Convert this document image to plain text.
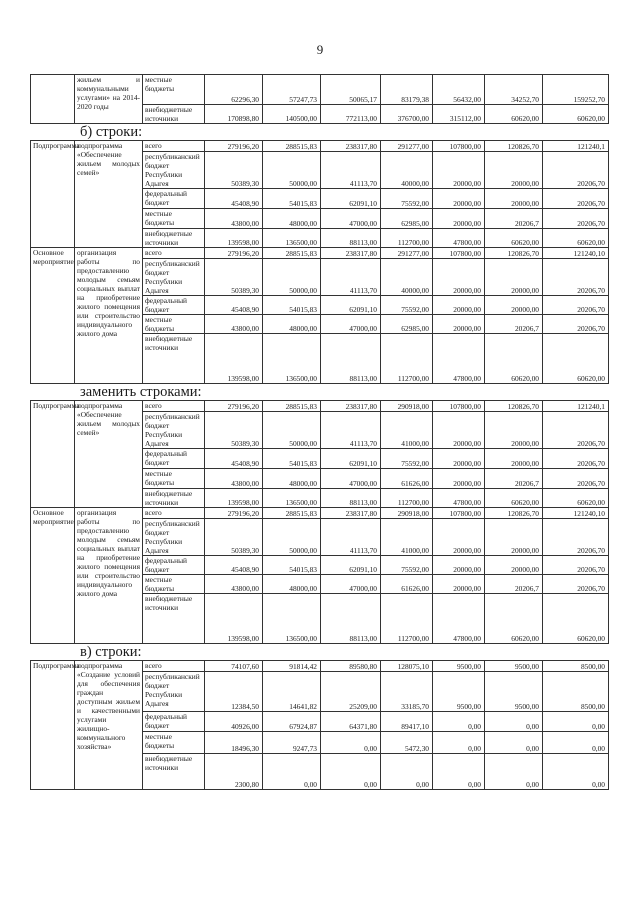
9
	жильем и коммунальными услугами» на 2014-2020 годы	местные бюджеты	62296,30	57247,73	50065,17	83179,38	56432,00	34252,70	159252,70
		внебюджетные источники	170898,80	140500,00	772113,00	376700,00	315112,00	60620,00	60620,00
б) строки:
Подпрограмма	подпрограмма «Обеспечение жильем молодых семей»	всего	279196,20	288515,83	238317,80	291277,00	107800,00	120826,70	121240,1
		республиканский бюджет Республики Адыгея	50389,30	50000,00	41113,70	40000,00	20000,00	20000,00	20206,70
		федеральный бюджет	45408,90	54015,83	62091,10	75592,00	20000,00	20000,00	20206,70
		местные бюджеты	43800,00	48000,00	47000,00	62985,00	20000,00	20206,7	20206,70
		внебюджетные источники	139598,00	136500,00	88113,00	112700,00	47800,00	60620,00	60620,00
Основное мероприятие	организация работы по предоставлению молодым семьям социальных выплат на приобретение жилого помещения или строительство индивидуального жилого дома	всего	279196,20	288515,83	238317,80	291277,00	107800,00	120826,70	121240,10
		республиканский бюджет Республики Адыгея	50389,30	50000,00	41113,70	40000,00	20000,00	20000,00	20206,70
		федеральный бюджет	45408,90	54015,83	62091,10	75592,00	20000,00	20000,00	20206,70
		местные бюджеты	43800,00	48000,00	47000,00	62985,00	20000,00	20206,7	20206,70
		внебюджетные источники	139598,00	136500,00	88113,00	112700,00	47800,00	60620,00	60620,00
заменить строками:
Подпрограмма	подпрограмма «Обеспечение жильем молодых семей»	всего	279196,20	288515,83	238317,80	290918,00	107800,00	120826,70	121240,1
		республиканский бюджет Республики Адыгея	50389,30	50000,00	41113,70	41000,00	20000,00	20000,00	20206,70
		федеральный бюджет	45408,90	54015,83	62091,10	75592,00	20000,00	20000,00	20206,70
		местные бюджеты	43800,00	48000,00	47000,00	61626,00	20000,00	20206,7	20206,70
		внебюджетные источники	139598,00	136500,00	88113,00	112700,00	47800,00	60620,00	60620,00
Основное мероприятие	организация работы по предоставлению молодым семьям социальных выплат на приобретение жилого помещения или строительство индивидуального жилого дома	всего	279196,20	288515,83	238317,80	290918,00	107800,00	120826,70	121240,10
		республиканский бюджет Республики Адыгея	50389,30	50000,00	41113,70	41000,00	20000,00	20000,00	20206,70
		федеральный бюджет	45408,90	54015,83	62091,10	75592,00	20000,00	20000,00	20206,70
		местные бюджеты	43800,00	48000,00	47000,00	61626,00	20000,00	20206,7	20206,70
		внебюджетные источники	139598,00	136500,00	88113,00	112700,00	47800,00	60620,00	60620,00
в) строки:
Подпрограмма	подпрограмма «Создание условий для обеспечения граждан доступным жильем и качественными услугами жилищно-коммунального хозяйства»	всего	74107,60	91814,42	89580,80	128075,10	9500,00	9500,00	8500,00
		республиканский бюджет Республики Адыгея	12384,50	14641,82	25209,00	33185,70	9500,00	9500,00	8500,00
		федеральный бюджет	40926,00	67924,87	64371,80	89417,10	0,00	0,00	0,00
		местные бюджеты	18496,30	9247,73	0,00	5472,30	0,00	0,00	0,00
		внебюджетные источники	2300,80	0,00	0,00	0,00	0,00	0,00	0,00
